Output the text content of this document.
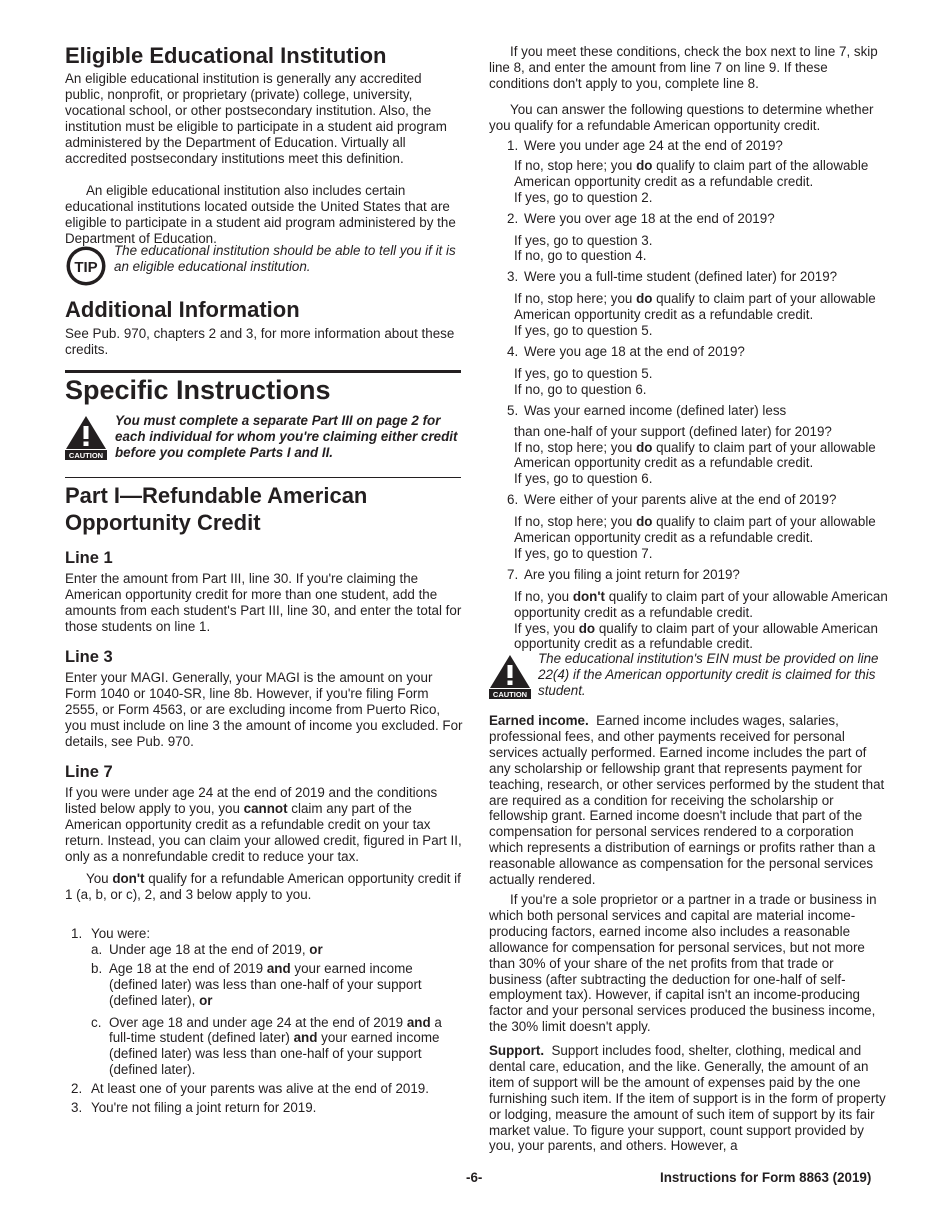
Eligible Educational Institution

An eligible educational institution is generally any accredited public, nonprofit, or proprietary (private) college, university, vocational school, or other postsecondary institution. Also, the institution must be eligible to participate in a student aid program administered by the Department of Education. Virtually all accredited postsecondary institutions meet this definition.

An eligible educational institution also includes certain educational institutions located outside the United States that are eligible to participate in a student aid program administered by the Department of Education.

TIP

The educational institution should be able to tell you if it is an eligible educational institution.

Additional Information

See Pub. 970, chapters 2 and 3, for more information about these credits.

Specific Instructions
CAUTION

You must complete a separate Part III on page 2 for each individual for whom you're claiming either credit before you complete Parts I and II.

Part I—Refundable American Opportunity Credit
Line 1

Enter the amount from Part III, line 30. If you're claiming the American opportunity credit for more than one student, add the amounts from each student's Part III, line 30, and enter the total for those students on line 1.

Line 3

Enter your MAGI. Generally, your MAGI is the amount on your Form 1040 or 1040-SR, line 8b. However, if you're filing Form 2555, or Form 4563, or are excluding income from Puerto Rico, you must include on line 3 the amount of income you excluded. For details, see Pub. 970.

Line 7

If you were under age 24 at the end of 2019 and the conditions listed below apply to you, you cannot claim any part of the American opportunity credit as a refundable credit on your tax return. Instead, you can claim your allowed credit, figured in Part II, only as a nonrefundable credit to reduce your tax.

You don't qualify for a refundable American opportunity credit if 1 (a, b, or c), 2, and 3 below apply to you.

1. You were:
a. Under age 18 at the end of 2019, or
b. Age 18 at the end of 2019 and your earned income (defined later) was less than one-half of your support (defined later), or
c. Over age 18 and under age 24 at the end of 2019 and a full-time student (defined later) and your earned income (defined later) was less than one-half of your support (defined later).
2. At least one of your parents was alive at the end of 2019.
3. You're not filing a joint return for 2019.

If you meet these conditions, check the box next to line 7, skip line 8, and enter the amount from line 7 on line 9. If these conditions don't apply to you, complete line 8.

You can answer the following questions to determine whether you qualify for a refundable American opportunity credit.

1. Were you under age 24 at the end of 2019?
If no, stop here; you do qualify to claim part of the allowable American opportunity credit as a refundable credit.
If yes, go to question 2.
2. Were you over age 18 at the end of 2019?
If yes, go to question 3.
If no, go to question 4.
3. Were you a full-time student (defined later) for 2019?
If no, stop here; you do qualify to claim part of your allowable American opportunity credit as a refundable credit.
If yes, go to question 5.
4. Were you age 18 at the end of 2019?
If yes, go to question 5.
If no, go to question 6.
5. Was your earned income (defined later) less
than one-half of your support (defined later) for 2019?
If no, stop here; you do qualify to claim part of your allowable American opportunity credit as a refundable credit.
If yes, go to question 6.
6. Were either of your parents alive at the end of 2019?
If no, stop here; you do qualify to claim part of your allowable American opportunity credit as a refundable credit.
If yes, go to question 7.
7. Are you filing a joint return for 2019?
If no, you don't qualify to claim part of your allowable American opportunity credit as a refundable credit.
If yes, you do qualify to claim part of your allowable American opportunity credit as a refundable credit.
CAUTION

The educational institution's EIN must be provided on line 22(4) if the American opportunity credit is claimed for this student.

Earned income. Earned income includes wages, salaries, professional fees, and other payments received for personal services actually performed. Earned income includes the part of any scholarship or fellowship grant that represents payment for teaching, research, or other services performed by the student that are required as a condition for receiving the scholarship or fellowship grant. Earned income doesn't include that part of the compensation for personal services rendered to a corporation which represents a distribution of earnings or profits rather than a reasonable allowance as compensation for the personal services actually rendered.

If you're a sole proprietor or a partner in a trade or business in which both personal services and capital are material income-producing factors, earned income also includes a reasonable allowance for compensation for personal services, but not more than 30% of your share of the net profits from that trade or business (after subtracting the deduction for one-half of self-employment tax). However, if capital isn't an income-producing factor and your personal services produced the business income, the 30% limit doesn't apply.

Support. Support includes food, shelter, clothing, medical and dental care, education, and the like. Generally, the amount of an item of support will be the amount of expenses paid by the one furnishing such item. If the item of support is in the form of property or lodging, measure the amount of such item of support by its fair market value. To figure your support, count support provided by you, your parents, and others. However, a

-6-	Instructions for Form 8863 (2019)
